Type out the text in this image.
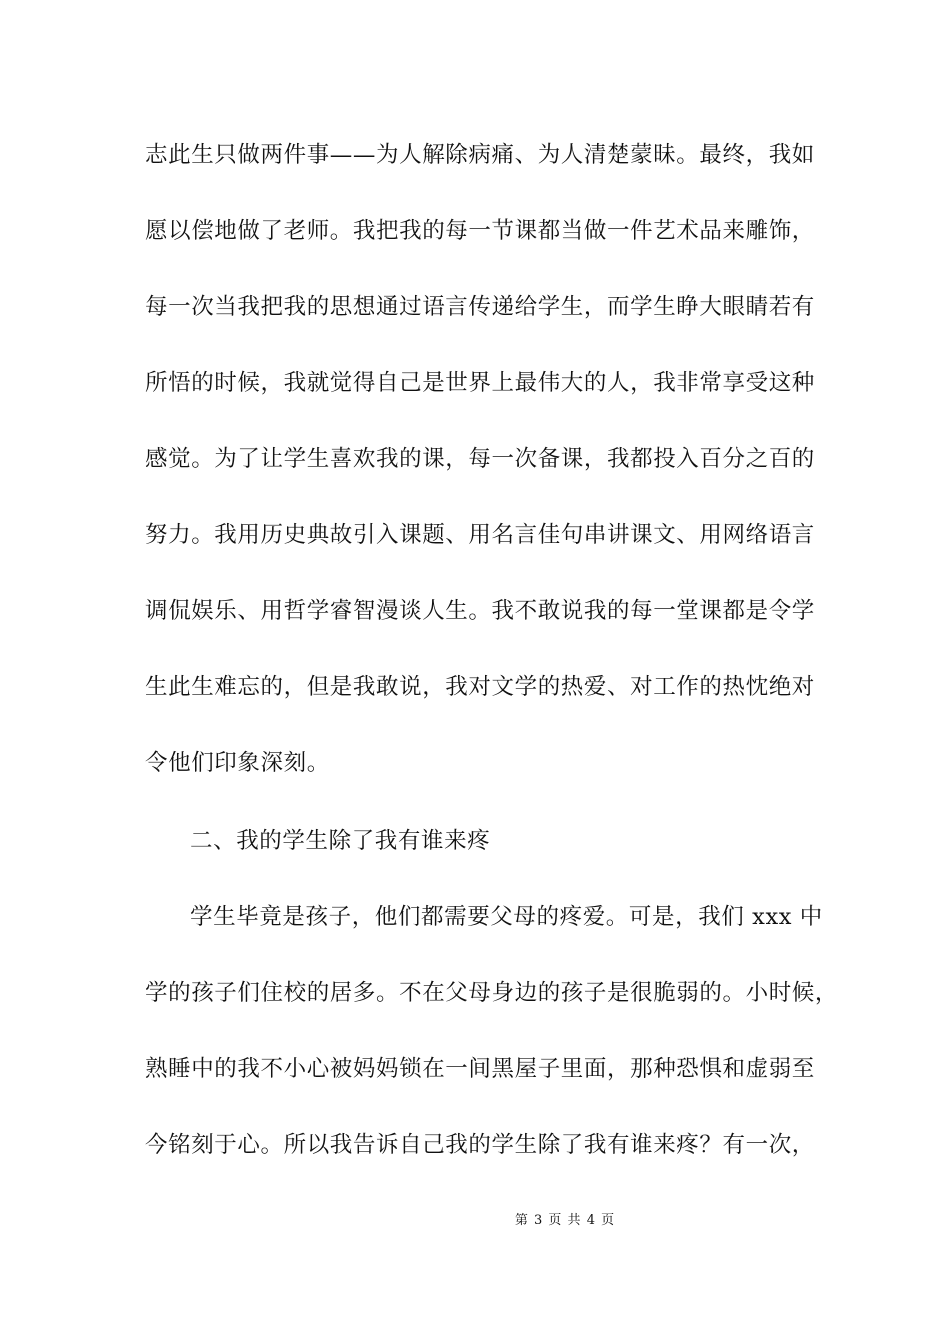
志此生只做两件事——为人解除病痛、为人清楚蒙昧。最终，我如
愿以偿地做了老师。我把我的每一节课都当做一件艺术品来雕饰，
每一次当我把我的思想通过语言传递给学生，而学生睁大眼睛若有
所悟的时候，我就觉得自己是世界上最伟大的人，我非常享受这种
感觉。为了让学生喜欢我的课，每一次备课，我都投入百分之百的
努力。我用历史典故引入课题、用名言佳句串讲课文、用网络语言
调侃娱乐、用哲学睿智漫谈人生。我不敢说我的每一堂课都是令学
生此生难忘的，但是我敢说，我对文学的热爱、对工作的热忱绝对
令他们印象深刻。
二、我的学生除了我有谁来疼
学生毕竟是孩子，他们都需要父母的疼爱。可是，我们 xxx 中
学的孩子们住校的居多。不在父母身边的孩子是很脆弱的。小时候，
熟睡中的我不小心被妈妈锁在一间黑屋子里面，那种恐惧和虚弱至
今铭刻于心。所以我告诉自己我的学生除了我有谁来疼？有一次，
第 3 页 共 4 页
